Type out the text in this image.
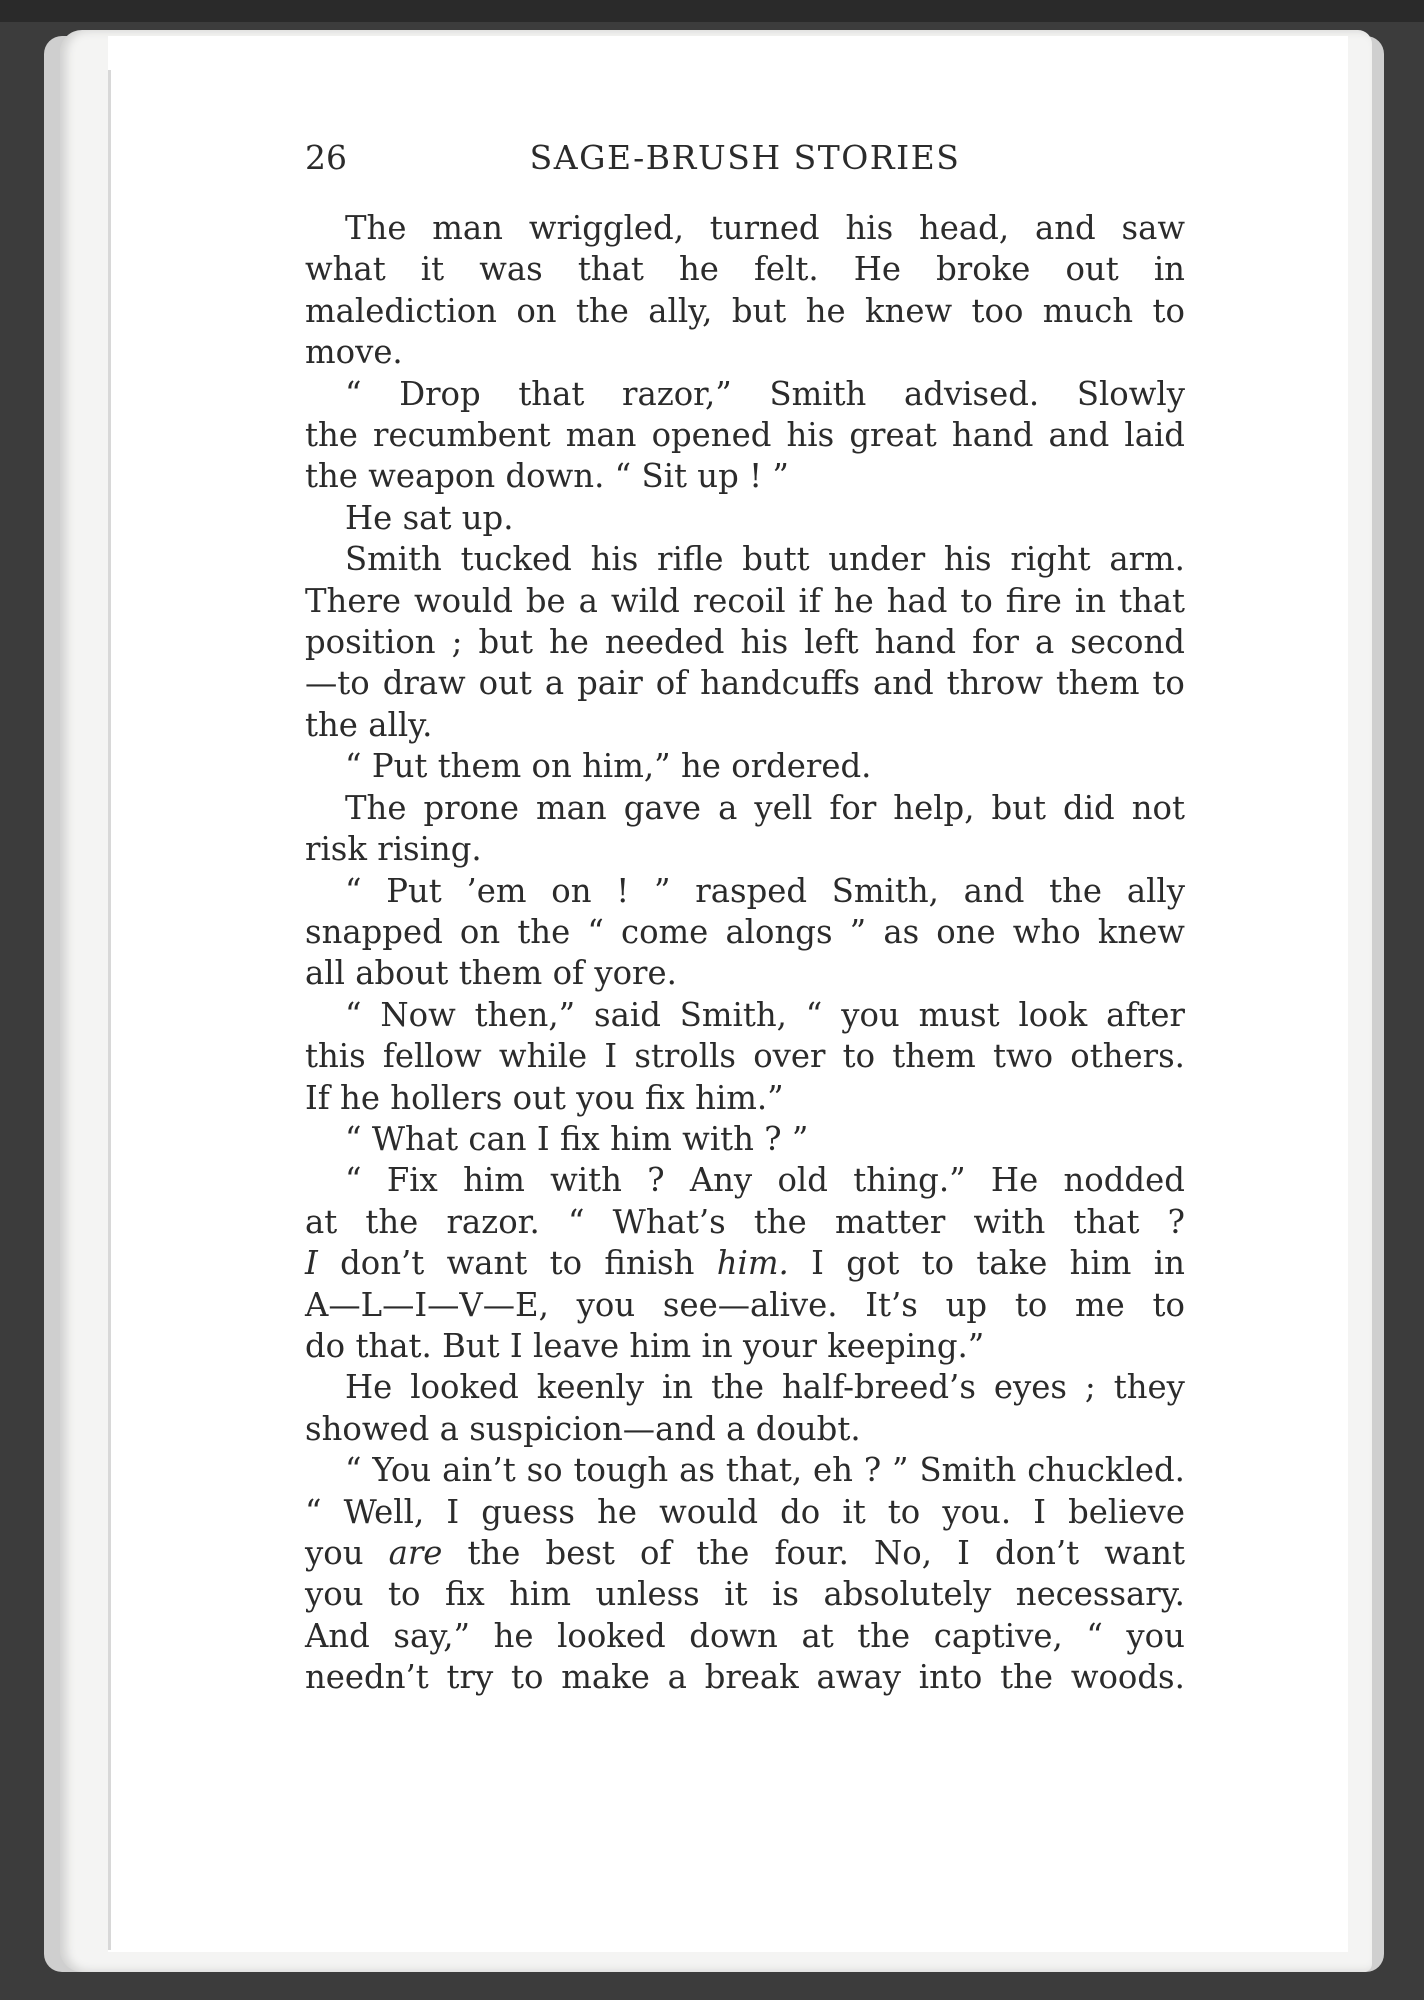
26	SAGE-BRUSH STORIES
The man wriggled, turned his head, and saw
what it was that he felt. He broke out in
malediction on the ally, but he knew too much to
move.
“ Drop that razor,” Smith advised. Slowly
the recumbent man opened his great hand and laid
the weapon down. “ Sit up ! ”
He sat up.
Smith tucked his rifle butt under his right arm.
There would be a wild recoil if he had to fire in that
position ; but he needed his left hand for a second
—to draw out a pair of handcuffs and throw them to
the ally.
“ Put them on him,” he ordered.
The prone man gave a yell for help, but did not
risk rising.
“ Put ’em on ! ” rasped Smith, and the ally
snapped on the “ come alongs ” as one who knew
all about them of yore.
“ Now then,” said Smith, “ you must look after
this fellow while I strolls over to them two others.
If he hollers out you fix him.”
“ What can I fix him with ? ”
“ Fix him with ? Any old thing.” He nodded
at the razor. “ What’s the matter with that ?
I don’t want to finish him. I got to take him in
A—L—I—V—E, you see—alive. It’s up to me to
do that. But I leave him in your keeping.”
He looked keenly in the half-breed’s eyes ; they
showed a suspicion—and a doubt.
“ You ain’t so tough as that, eh ? ” Smith chuckled.
“ Well, I guess he would do it to you. I believe
you are the best of the four. No, I don’t want
you to fix him unless it is absolutely necessary.
And say,” he looked down at the captive, “ you
needn’t try to make a break away into the woods.
